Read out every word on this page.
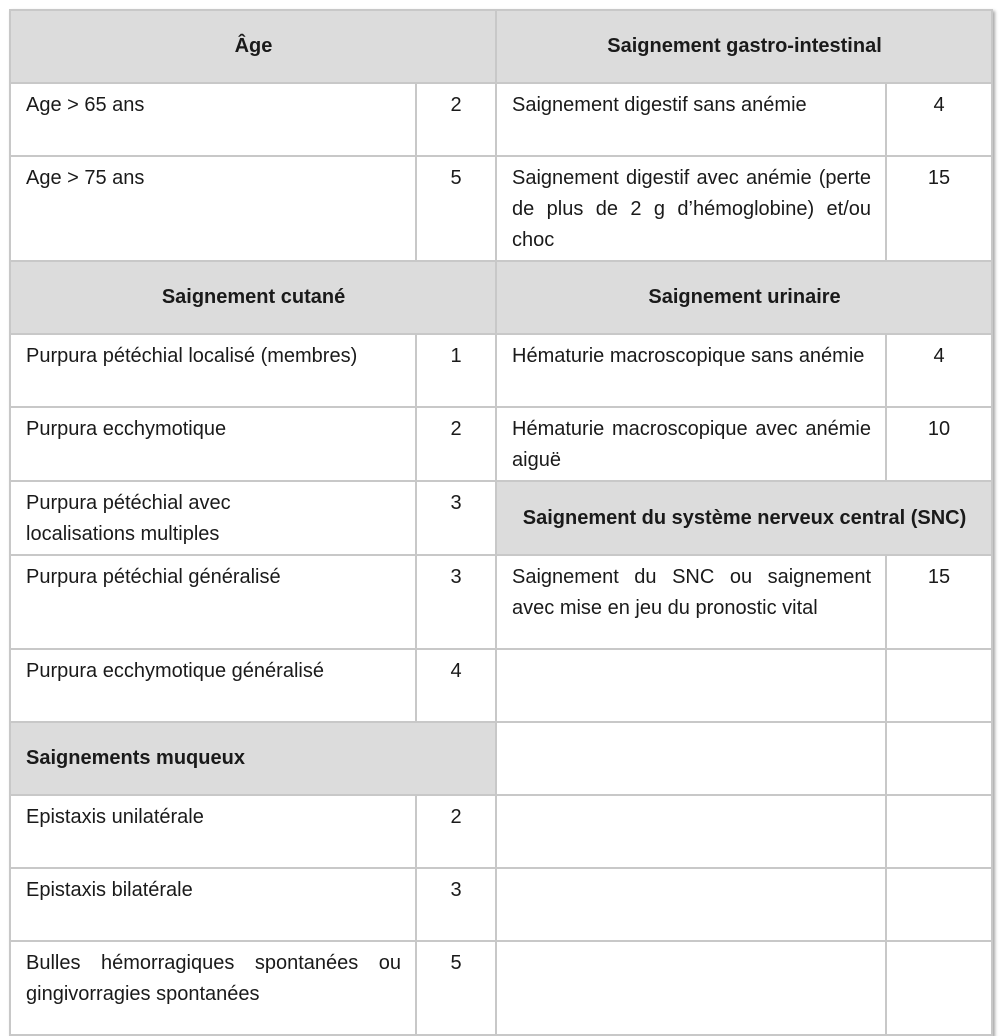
Âge		Saignement gastro-intestinal	
Age > 65 ans	2	Saignement digestif sans anémie	4
Age > 75 ans	5	Saignement digestif avec anémie (perte de plus de 2 g d’hémoglobine) et/ou choc	15
Saignement cutané		Saignement urinaire	
Purpura pétéchial localisé (membres)	1	Hématurie macroscopique sans anémie	4
Purpura ecchymotique	2	Hématurie macroscopique avec anémie aiguë	10
Purpura pétéchial avec localisations multiples	3	Saignement du système nerveux central (SNC)	
Purpura pétéchial généralisé	3	Saignement du SNC ou saignement avec mise en jeu du pronostic vital	15
Purpura ecchymotique généralisé	4		
Saignements muqueux			
Epistaxis unilatérale	2		
Epistaxis bilatérale	3		
Bulles hémorragiques spontanées ou gingivorragies spontanées	5		
